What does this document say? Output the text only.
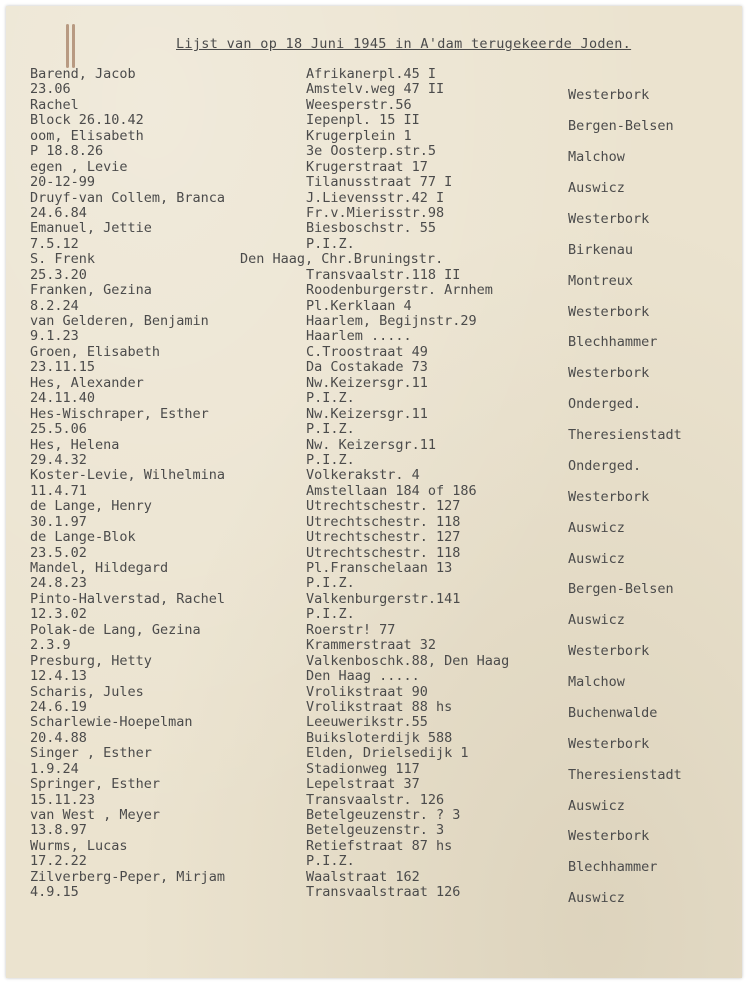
Lijst van op 18 Juni 1945 in A'dam terugekeerde Joden.
Barend, Jacob	Afrikanerpl.45 I
23.06	Amstelv.weg 47 II	Westerbork
Rachel	Weesperstr.56
Block 26.10.42	Iepenpl. 15 II	Bergen-Belsen
oom, Elisabeth	Krugerplein 1
P 18.8.26	3e Oosterp.str.5	Malchow
egen , Levie	Krugerstraat 17
20-12-99	Tilanusstraat 77 I	Auswicz
Druyf-van Collem, Branca	J.Lievensstr.42 I
24.6.84	Fr.v.Mierisstr.98	Westerbork
Emanuel, Jettie	Biesboschstr. 55
7.5.12	P.I.Z.	Birkenau
S. Frenk	Den Haag, Chr.Bruningstr.
25.3.20	Transvaalstr.118 II	Montreux
Franken, Gezina	Roodenburgerstr. Arnhem
8.2.24	Pl.Kerklaan 4	Westerbork
van Gelderen, Benjamin	Haarlem, Begijnstr.29
9.1.23	Haarlem .....	Blechhammer
Groen, Elisabeth	C.Troostraat 49
23.11.15	Da Costakade 73	Westerbork
Hes, Alexander	Nw.Keizersgr.11
24.11.40	P.I.Z.	Onderged.
Hes-Wischraper, Esther	Nw.Keizersgr.11
25.5.06	P.I.Z.	Theresienstadt
Hes, Helena	Nw. Keizersgr.11
29.4.32	P.I.Z.	Onderged.
Koster-Levie, Wilhelmina	Volkerakstr. 4
11.4.71	Amstellaan 184 of 186	Westerbork
de Lange, Henry	Utrechtschestr. 127
30.1.97	Utrechtschestr. 118	Auswicz
de Lange-Blok	Utrechtschestr. 127
23.5.02	Utrechtschestr. 118	Auswicz
Mandel, Hildegard	Pl.Franschelaan 13
24.8.23	P.I.Z.	Bergen-Belsen
Pinto-Halverstad, Rachel	Valkenburgerstr.141
12.3.02	P.I.Z.	Auswicz
Polak-de Lang, Gezina	Roerstr! 77
2.3.9	Krammerstraat 32	Westerbork
Presburg, Hetty	Valkenboschk.88, Den Haag
12.4.13	Den Haag .....	Malchow
Scharis, Jules	Vrolikstraat 90
24.6.19	Vrolikstraat 88 hs	Buchenwalde
Scharlewie-Hoepelman	Leeuwerikstr.55
20.4.88	Buiksloterdijk 588	Westerbork
Singer , Esther	Elden, Drielsedijk 1
1.9.24	Stadionweg 117	Theresienstadt
Springer, Esther	Lepelstraat 37
15.11.23	Transvaalstr. 126	Auswicz
van West , Meyer	Betelgeuzenstr. ? 3
13.8.97	Betelgeuzenstr. 3	Westerbork
Wurms, Lucas	Retiefstraat 87 hs
17.2.22	P.I.Z.	Blechhammer
Zilverberg-Peper, Mirjam	Waalstraat 162
4.9.15	Transvaalstraat 126	Auswicz
